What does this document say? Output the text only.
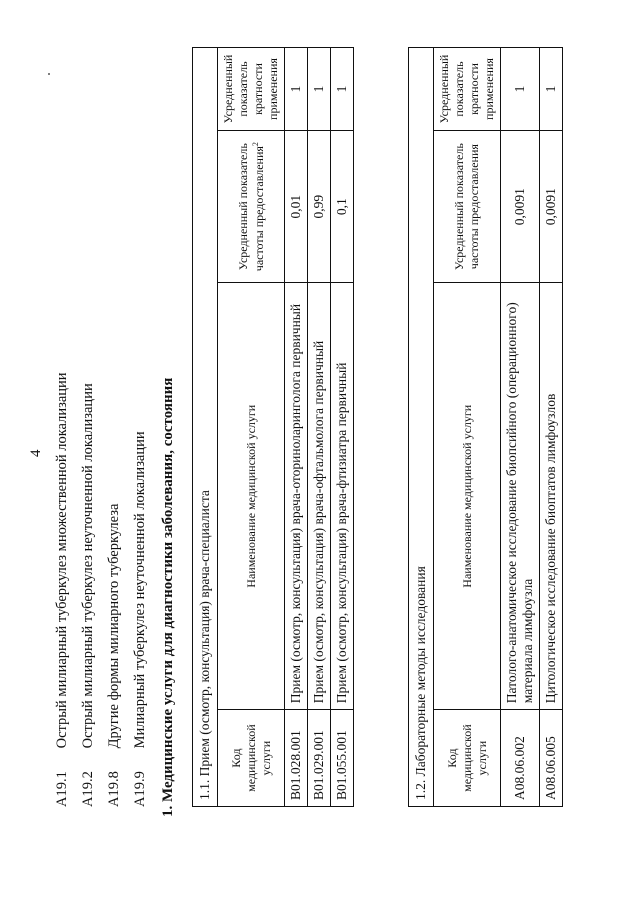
4
A19.1 Острый милиарный туберкулез множественной локализации
A19.2 Острый милиарный туберкулез неуточненной локализации
A19.8 Другие формы милиарного туберкулеза
A19.9 Милиарный туберкулез неуточненной локализации 1. Медицинские услуги для диагностики заболевания, состояния 1.1. Прием (осмотр, консультация) врача-специалиста			
Код медицинской услуги	Наименование медицинской услуги	Усредненный показатель частоты предоставления$^2$	Усредненный показатель кратности применения
B01.028.001	Прием (осмотр, консультация) врача-оториноларинголога первичный	0,01	1
B01.029.001	Прием (осмотр, консультация) врача-офтальмолога первичный	0,99	1
B01.055.001	Прием (осмотр, консультация) врача-фтизиатра первичный	0,1	1
1.2. Лабораторные методы исследования			
Код медицинской услуги	Наименование медицинской услуги	Усредненный показатель частоты предоставления	Усредненный показатель кратности применения
A08.06.002	Патолого-анатомическое исследование биопсийного (операционного) материала лимфоузла	0,0091	1
A08.06.005	Цитологическое исследование биоптатов лимфоузлов	0,0091	1
